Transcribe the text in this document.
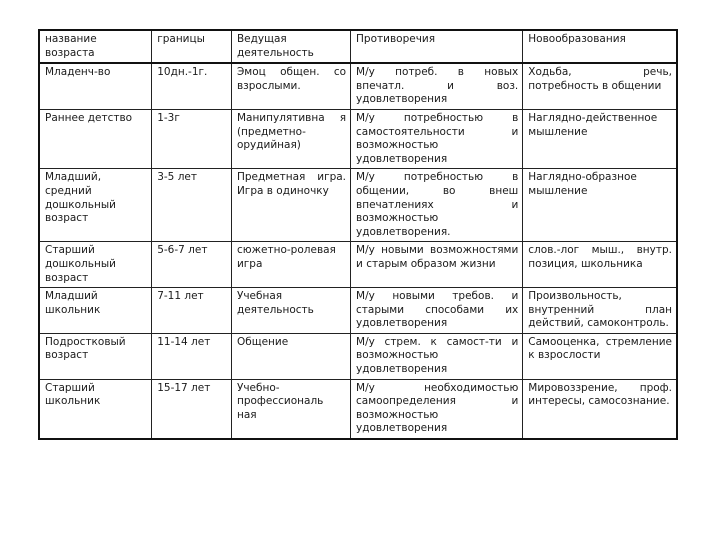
название возраста	границы	Ведущая деятельность	Противоречия	Новообразования
Младенч-во	10дн.-1г.	Эмоц общен. со взрослыми.	М/у потреб. в новых впечатл. и воз. удовлетворения	Ходьба, речь, потребность в общении
Раннее детство	1-3г	Манипулятивна я (предметно-орудийная)	М/у потребностью в самостоятельности и возможностью удовлетворения	Наглядно-действенное мышление
Младший, средний дошкольный возраст	3-5 лет	Предметная игра. Игра в одиночку	М/у потребностью в общении, во внеш впечатлениях и возможностью удовлетворения.	Наглядно-образное мышление
Старший дошкольный возраст	5-6-7 лет	сюжетно-ролевая игра	М/у новыми возможностями и старым образом жизни	слов.-лог мыш., внутр. позиция, школьника
Младший школьник	7-11 лет	Учебная деятельность	М/у новыми требов. и старыми способами их удовлетворения	Произвольность, внутренний план действий, самоконтроль.
Подростковый возраст	11-14 лет	Общение	М/у стрем. к самост-ти и возможностью удовлетворения	Самооценка, стремление к взрослости
Старший школьник	15-17 лет	Учебно-профессиональ ная	М/у необходимостью самоопределения и возможностью удовлетворения	Мировоззрение, проф. интересы, самосознание.
